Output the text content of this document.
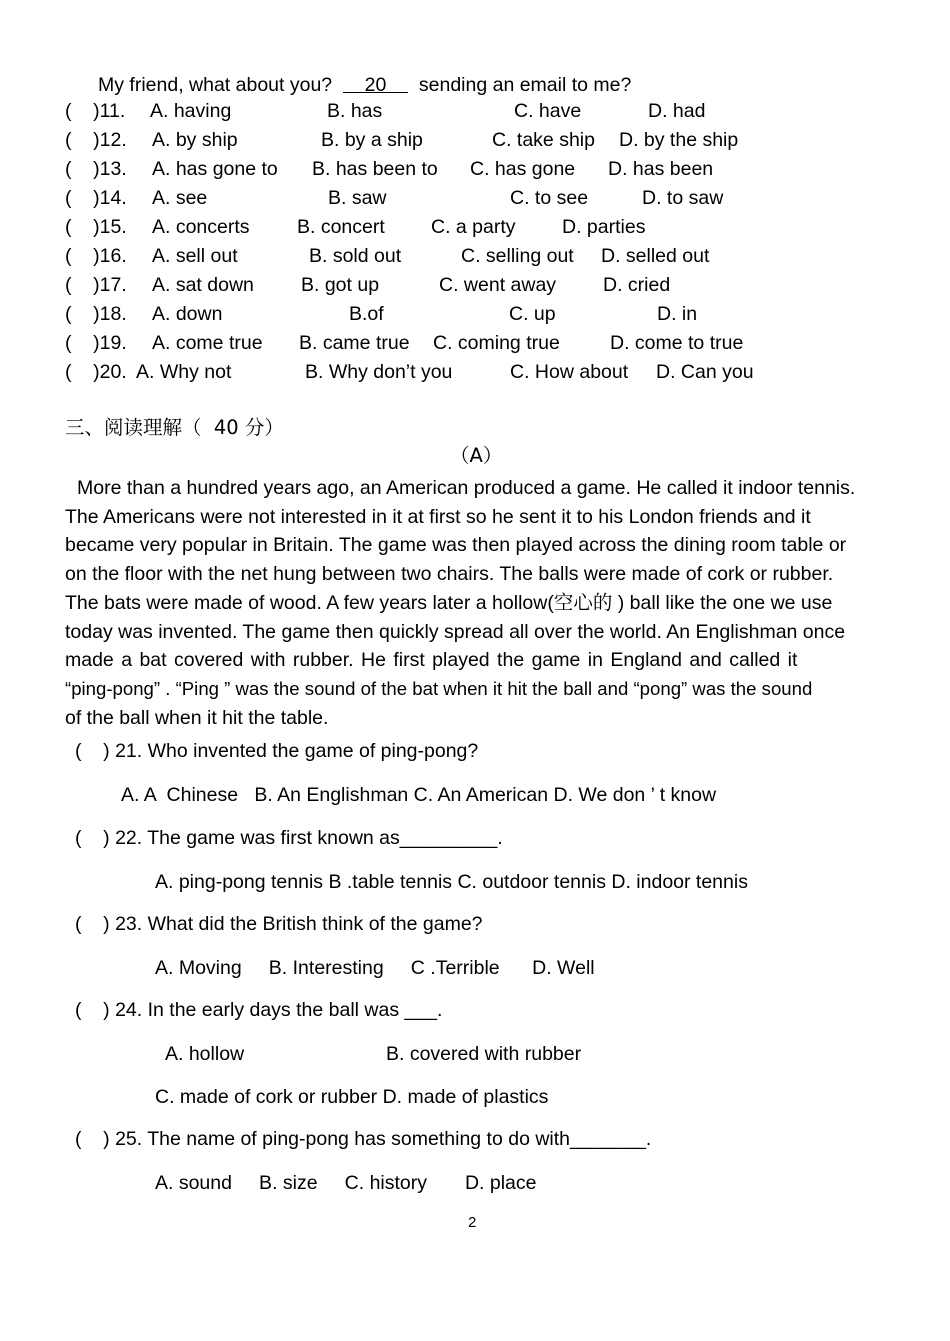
My friend, what about you? 20 sending an email to me?
(    )11. A. having	B. has	C. have	D. had
(    )12. A. by ship	B. by a ship	C. take ship D. by the ship
(    )13. A. has gone to B. has been to C. has gone D. has been
(    )14. A. see	B. saw	C. to see	D. to saw
(    )15. A. concerts B. concert C. a party D. parties
(    )16. A. sell out	B. sold out	C. selling out D. selled out
(    )17. A. sat down B. got up	C. went away D. cried
(    )18. A. down	B.of	C. up	D. in
(    )19. A. come true B. came true C. coming true	D. come to true
(    )20. A. Why not	B. Why don’t you	C. How about D. Can you
三、阅读理解（  40 分）
（A）

More than a hundred years ago, an American produced a game. He called it indoor tennis.

The Americans were not interested in it at first so he sent it to his London friends and it

became very popular in Britain. The game was then played across the dining room table or

on the floor with the net hung between two chairs. The balls were made of cork or rubber.

The bats were made of wood. A few years later a hollow(空心的 ) ball like the one we use

today was invented. The game then quickly spread all over the world. An Englishman once

made a bat covered with rubber. He first played the game in England and called it

“ping-pong” . “Ping ” was the sound of the bat when it hit the ball and “pong” was the sound

of the ball when it hit the table.

(    ) 21. Who invented the game of ping-pong?
A. A  Chinese   B. An Englishman C. An American D. We don ’ t know
(    ) 22. The game was first known as_________.
A. ping-pong tennis B .table tennis C. outdoor tennis D. indoor tennis
(    ) 23. What did the British think of the game?
A. Moving     B. Interesting     C .Terrible      D. Well
(    ) 24. In the early days the ball was ___.
A. hollow	B. covered with rubber
C. made of cork or rubber D. made of plastics
(    ) 25. The name of ping-pong has something to do with_______.
A. sound     B. size     C. history       D. place
2
